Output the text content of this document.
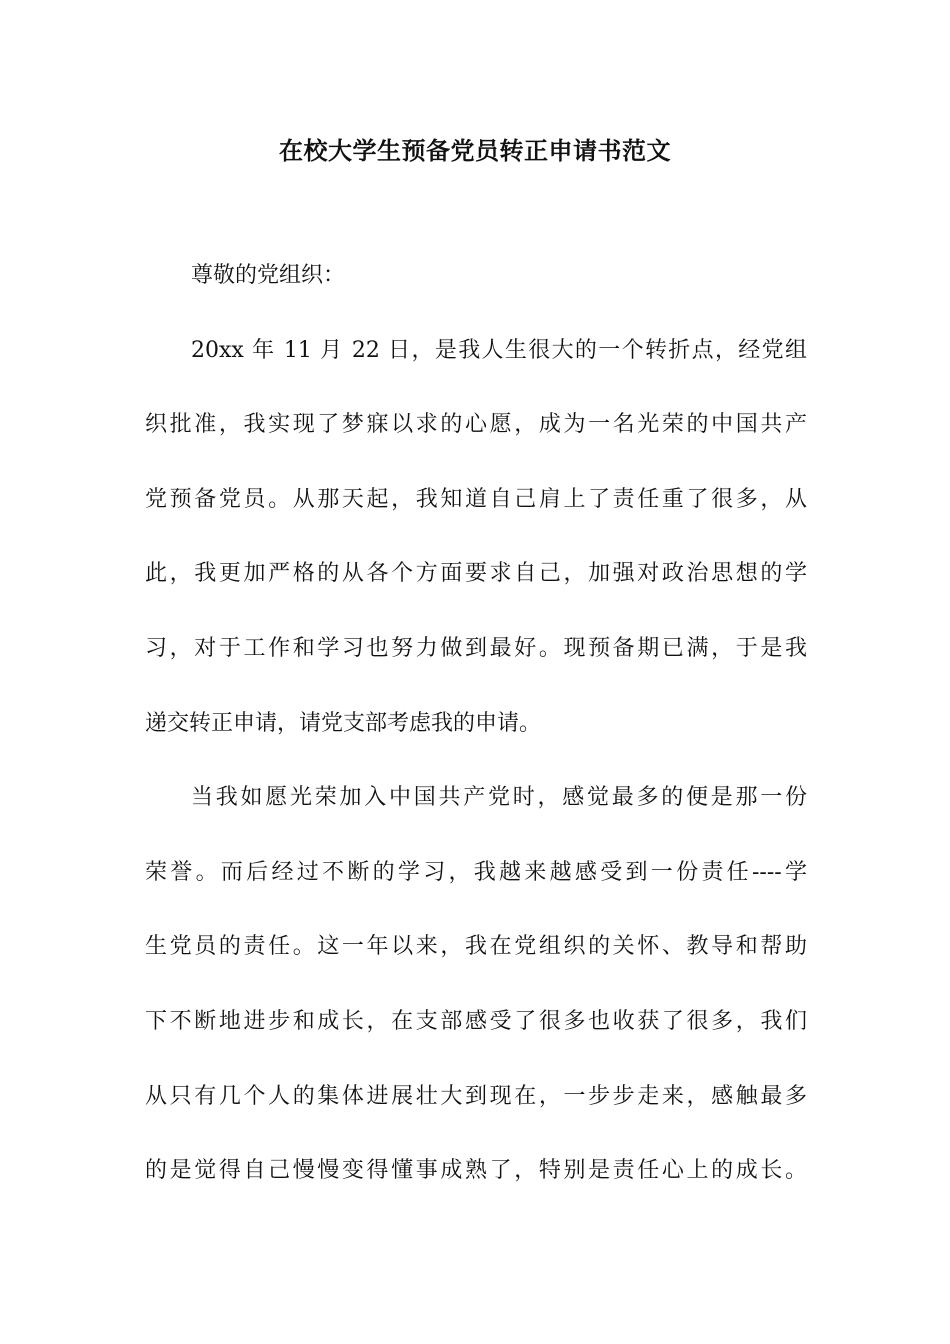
在校大学生预备党员转正申请书范文
尊敬的党组织：
20xx 年 11 月 22 日，是我人生很大的一个转折点，经党组
织批准，我实现了梦寐以求的心愿，成为一名光荣的中国共产
党预备党员。从那天起，我知道自己肩上了责任重了很多，从
此，我更加严格的从各个方面要求自己，加强对政治思想的学
习，对于工作和学习也努力做到最好。现预备期已满，于是我
递交转正申请，请党支部考虑我的申请。
当我如愿光荣加入中国共产党时，感觉最多的便是那一份
荣誉。而后经过不断的学习，我越来越感受到一份责任----学
生党员的责任。这一年以来，我在党组织的关怀、教导和帮助
下不断地进步和成长，在支部感受了很多也收获了很多，我们
从只有几个人的集体进展壮大到现在，一步步走来，感触最多
的是觉得自己慢慢变得懂事成熟了，特别是责任心上的成长。
